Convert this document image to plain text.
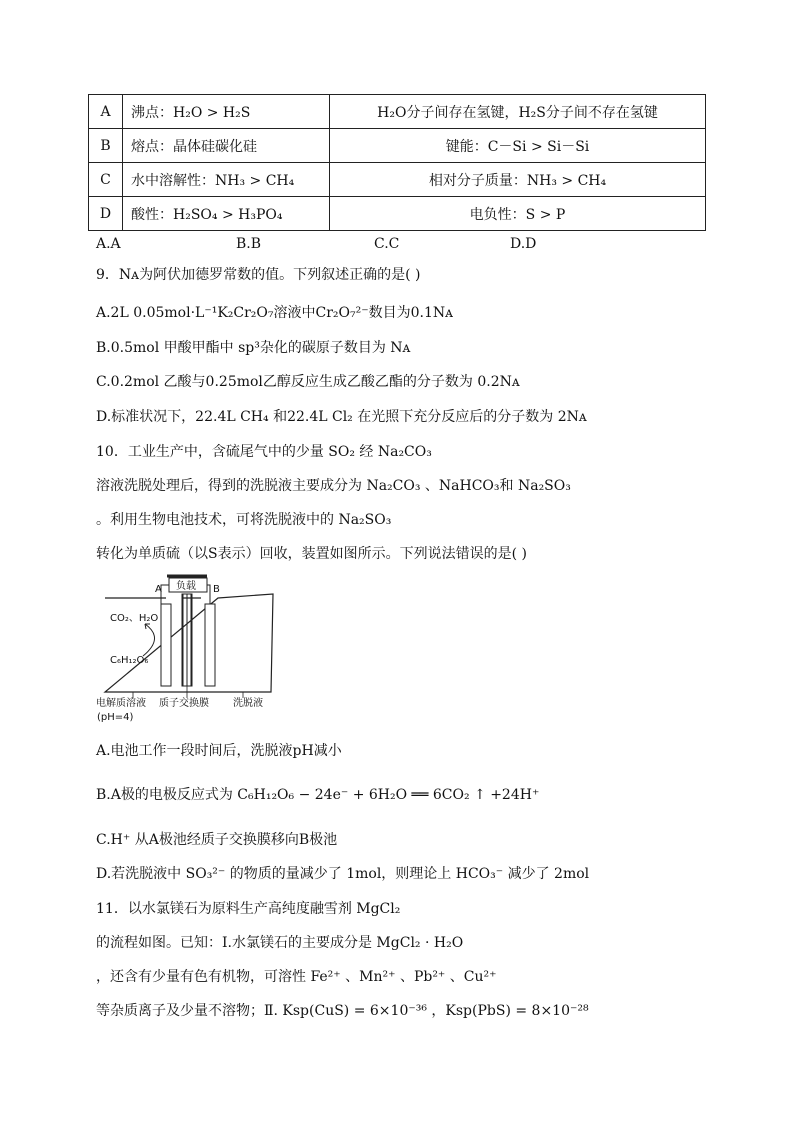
A	沸点：H₂O > H₂S	H₂O分子间存在氢键，H₂S分子间不存在氢键
B	熔点：晶体硅碳化硅	键能：C－Si > Si－Si
C	水中溶解性：NH₃ > CH₄	相对分子质量：NH₃ > CH₄
D	酸性：H₂SO₄ > H₃PO₄	电负性：S > P
A.A	B.B	C.C	D.D
9．Nᴀ为阿伏加德罗常数的值。下列叙述正确的是( )
A.2L 0.05mol·L⁻¹K₂Cr₂O₇溶液中Cr₂O₇²⁻数目为0.1Nᴀ
B.0.5mol 甲酸甲酯中 sp³杂化的碳原子数目为 Nᴀ
C.0.2mol 乙酸与0.25mol乙醇反应生成乙酸乙酯的分子数为 0.2Nᴀ
D.标准状况下，22.4L CH₄ 和22.4L Cl₂ 在光照下充分反应后的分子数为 2Nᴀ
10．工业生产中，含硫尾气中的少量 SO₂ 经 Na₂CO₃
溶液洗脱处理后，得到的洗脱液主要成分为 Na₂CO₃ 、NaHCO₃和 Na₂SO₃
。利用生物电池技术，可将洗脱液中的 Na₂SO₃
转化为单质硫（以S表示）回收，装置如图所示。下列说法错误的是( )
负载
A	B
CO₂、H₂O
C₆H₁₂O₆
电解质溶液
(pH=4)
质子交换膜 洗脱液
A.电池工作一段时间后，洗脱液pH减小
B.A极的电极反应式为 C₆H₁₂O₆ − 24e⁻ + 6H₂O ══ 6CO₂ ↑ +24H⁺
C.H⁺ 从A极池经质子交换膜移向B极池
D.若洗脱液中 SO₃²⁻ 的物质的量减少了 1mol，则理论上 HCO₃⁻ 减少了 2mol
11．以水氯镁石为原料生产高纯度融雪剂 MgCl₂
的流程如图。已知：Ⅰ.水氯镁石的主要成分是 MgCl₂ · H₂O
，还含有少量有色有机物，可溶性 Fe²⁺ 、Mn²⁺ 、Pb²⁺ 、Cu²⁺
等杂质离子及少量不溶物；Ⅱ. Ksp(CuS) = 6×10⁻³⁶ ，Ksp(PbS) = 8×10⁻²⁸
